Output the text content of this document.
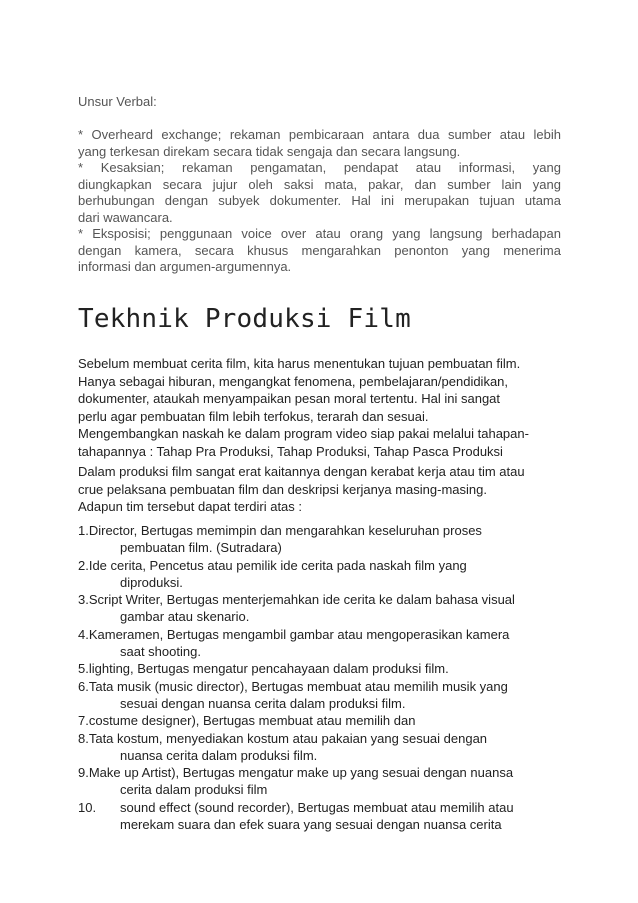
Unsur Verbal:
* Overheard exchange; rekaman pembicaraan antara dua sumber atau lebih
yang terkesan direkam secara tidak sengaja dan secara langsung.
* Kesaksian; rekaman pengamatan, pendapat atau informasi, yang
diungkapkan secara jujur oleh saksi mata, pakar, dan sumber lain yang
berhubungan dengan subyek dokumenter. Hal ini merupakan tujuan utama
dari wawancara.
* Eksposisi; penggunaan voice over atau orang yang langsung berhadapan
dengan kamera, secara khusus mengarahkan penonton yang menerima
informasi dan argumen-argumennya.
Tekhnik Produksi Film

Sebelum membuat cerita film, kita harus menentukan tujuan pembuatan film.

Hanya sebagai hiburan, mengangkat fenomena, pembelajaran/pendidikan,

dokumenter, ataukah menyampaikan pesan moral tertentu. Hal ini sangat

perlu agar pembuatan film lebih terfokus, terarah dan sesuai.

Mengembangkan naskah ke dalam program video siap pakai melalui tahapan-

tahapannya : Tahap Pra Produksi, Tahap Produksi, Tahap Pasca Produksi

Dalam produksi film sangat erat kaitannya dengan kerabat kerja atau tim atau

crue pelaksana pembuatan film dan deskripsi kerjanya masing-masing.

Adapun tim tersebut dapat terdiri atas :

1.Director, Bertugas memimpin dan mengarahkan keseluruhan proses
pembuatan film. (Sutradara)
2.Ide cerita, Pencetus atau pemilik ide cerita pada naskah film yang
diproduksi.
3.Script Writer, Bertugas menterjemahkan ide cerita ke dalam bahasa visual
gambar atau skenario.
4.Kameramen, Bertugas mengambil gambar atau mengoperasikan kamera
saat shooting.
5.lighting, Bertugas mengatur pencahayaan dalam produksi film.
6.Tata musik (music director), Bertugas membuat atau memilih musik yang
sesuai dengan nuansa cerita dalam produksi film.
7.costume designer), Bertugas membuat atau memilih dan
8.Tata kostum, menyediakan kostum atau pakaian yang sesuai dengan
nuansa cerita dalam produksi film.
9.Make up Artist), Bertugas mengatur make up yang sesuai dengan nuansa
cerita dalam produksi film
10. sound effect (sound recorder), Bertugas membuat atau memilih atau
merekam suara dan efek suara yang sesuai dengan nuansa cerita
